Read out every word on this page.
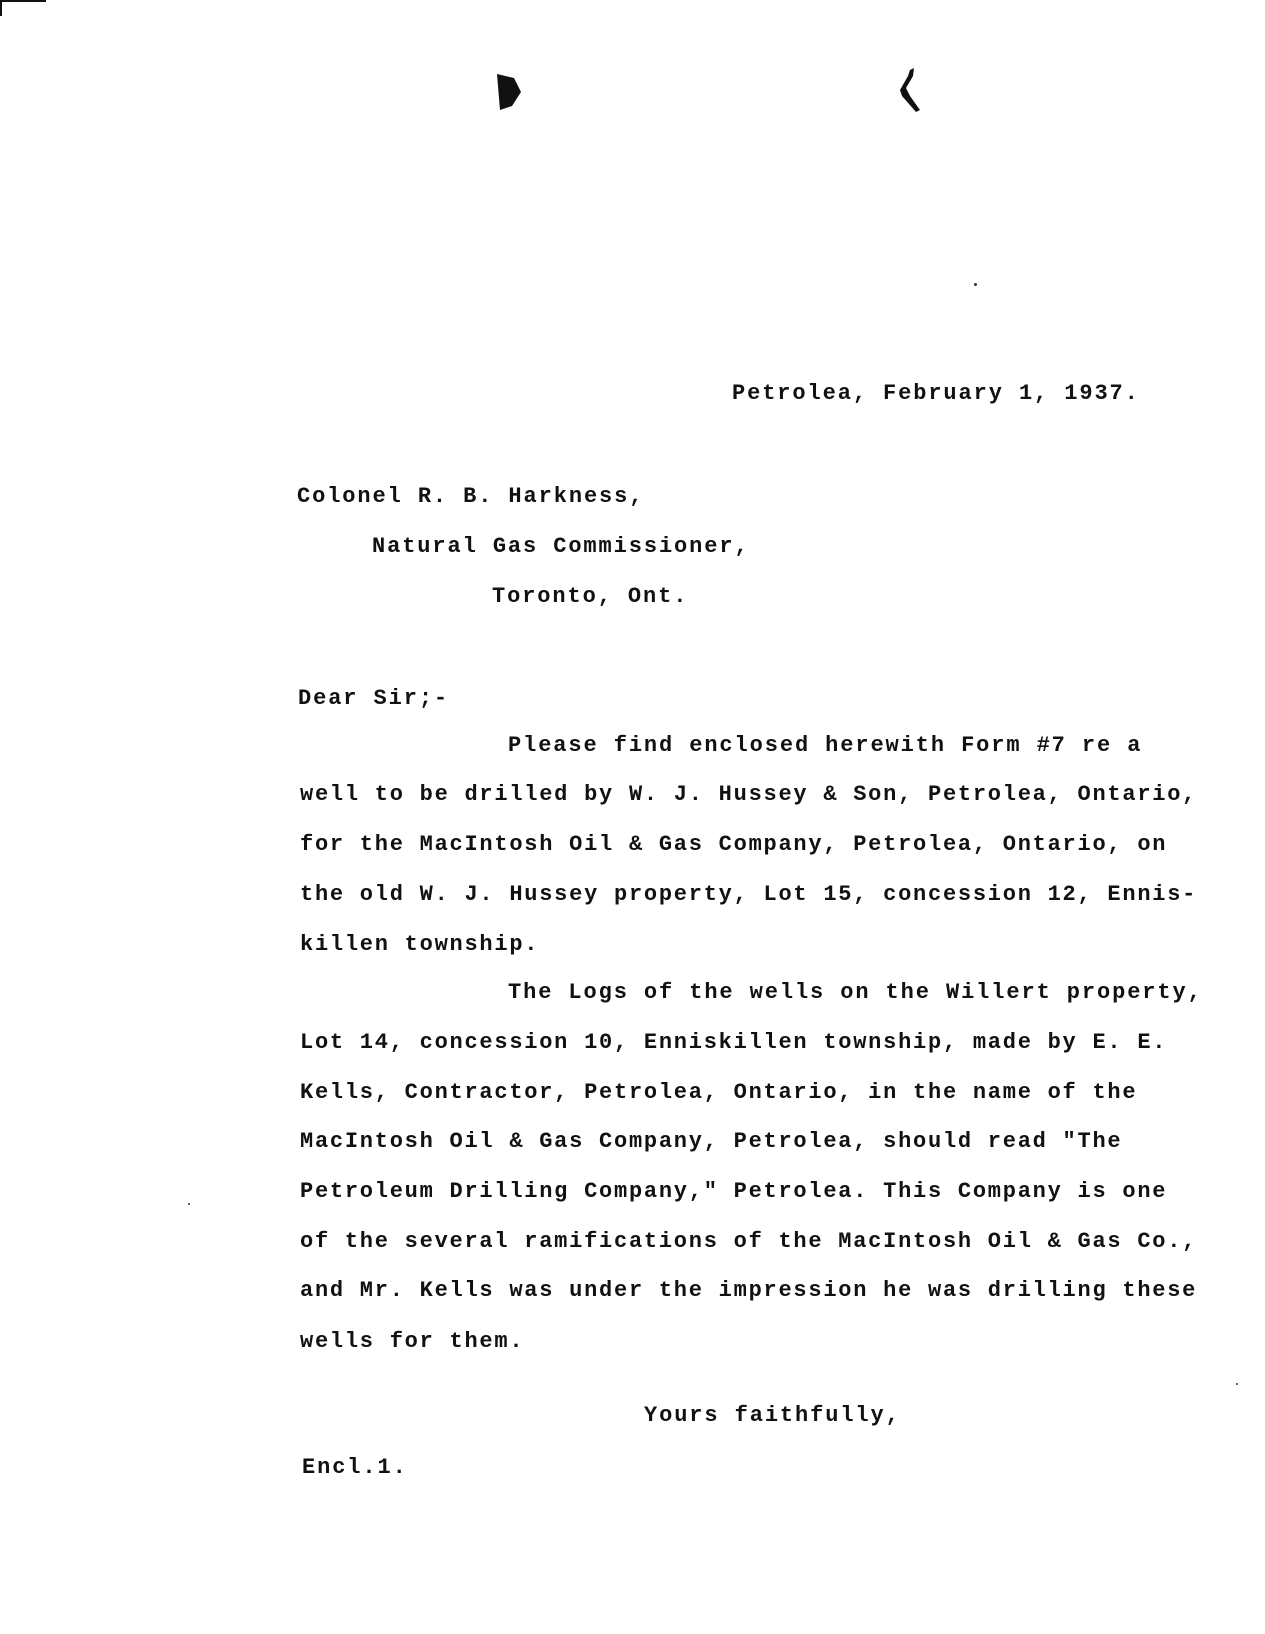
Petrolea, February 1, 1937.
Colonel R. B. Harkness,
Natural Gas Commissioner,
Toronto, Ont.
Dear Sir;-
Please find enclosed herewith Form #7 re a
well to be drilled by W. J. Hussey & Son, Petrolea, Ontario,
for the MacIntosh Oil & Gas Company, Petrolea, Ontario, on
the old W. J. Hussey property, Lot 15, concession 12, Ennis-
killen township.
The Logs of the wells on the Willert property,
Lot 14, concession 10, Enniskillen township, made by E. E.
Kells, Contractor, Petrolea, Ontario, in the name of the
MacIntosh Oil & Gas Company, Petrolea, should read "The
Petroleum Drilling Company," Petrolea. This Company is one
of the several ramifications of the MacIntosh Oil & Gas Co.,
and Mr. Kells was under the impression he was drilling these
wells for them.
Yours faithfully,
Encl.1.
